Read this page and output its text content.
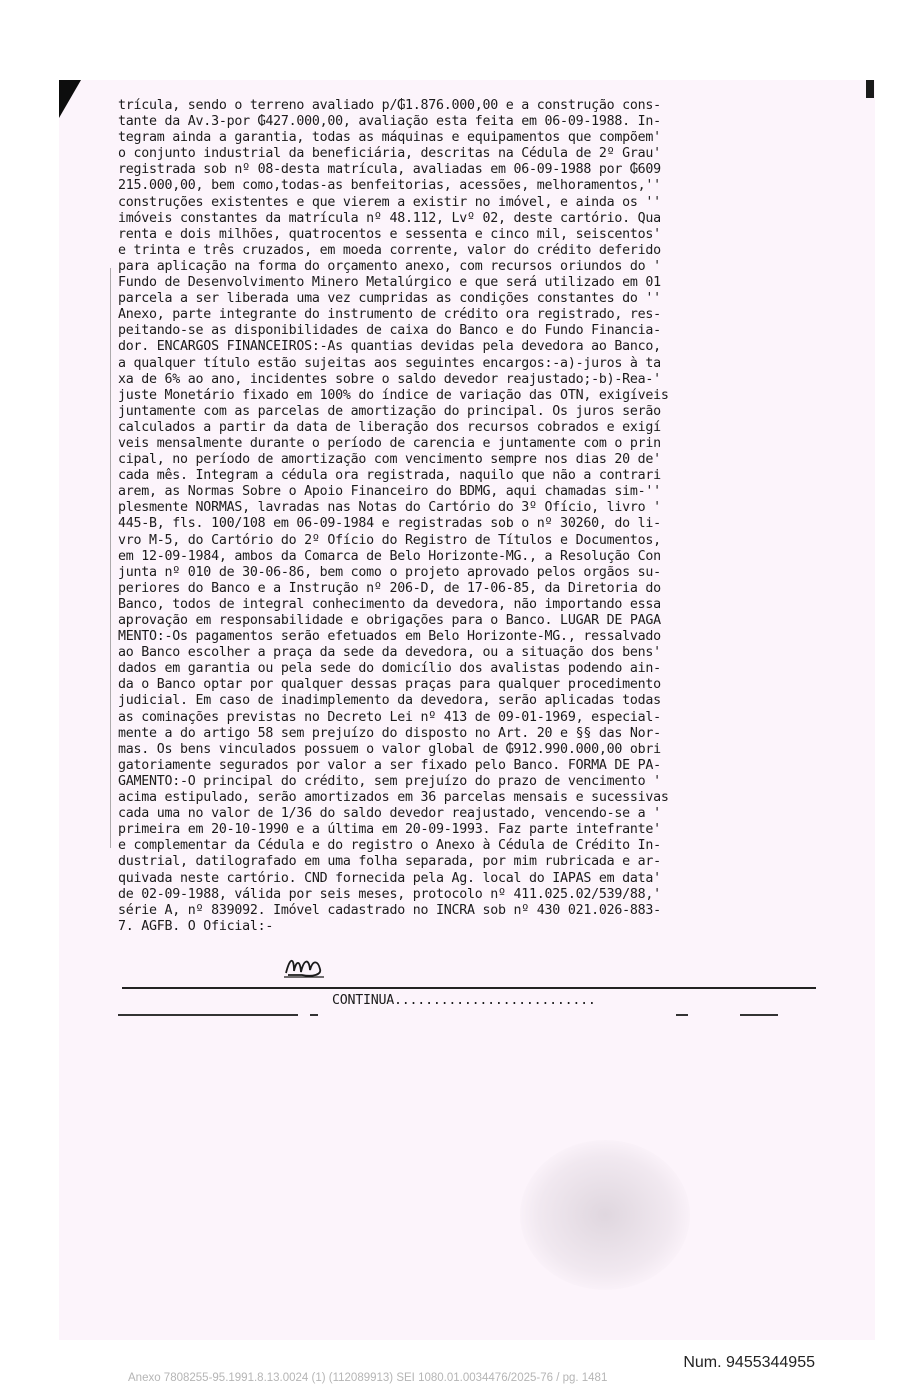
trícula, sendo o terreno avaliado p/₲1.876.000,00 e a construção cons-
tante da Av.3-por ₲427.000,00, avaliação esta feita em 06-09-1988. In-
tegram ainda a garantia, todas as máquinas e equipamentos que compõem'
o conjunto industrial da beneficiária, descritas na Cédula de 2º Grau'
registrada sob nº 08-desta matrícula, avaliadas em 06-09-1988 por ₲609
215.000,00, bem como,todas-as benfeitorias, acessões, melhoramentos,''
construções existentes e que vierem a existir no imóvel, e ainda os ''
imóveis constantes da matrícula nº 48.112, Lvº 02, deste cartório. Qua
renta e dois milhões, quatrocentos e sessenta e cinco mil, seiscentos'
e trinta e três cruzados, em moeda corrente, valor do crédito deferido
para aplicação na forma do orçamento anexo, com recursos oriundos do '
Fundo de Desenvolvimento Minero Metalúrgico e que será utilizado em 01
parcela a ser liberada uma vez cumpridas as condições constantes do ''
Anexo, parte integrante do instrumento de crédito ora registrado, res-
peitando-se as disponibilidades de caixa do Banco e do Fundo Financia-
dor. ENCARGOS FINANCEIROS:-As quantias devidas pela devedora ao Banco,
a qualquer título estão sujeitas aos seguintes encargos:-a)-juros à ta
xa de 6% ao ano, incidentes sobre o saldo devedor reajustado;-b)-Rea-'
juste Monetário fixado em 100% do índice de variação das OTN, exigíveis
juntamente com as parcelas de amortização do principal. Os juros serão
calculados a partir da data de liberação dos recursos cobrados e exigí
veis mensalmente durante o período de carencia e juntamente com o prin
cipal, no período de amortização com vencimento sempre nos dias 20 de'
cada mês. Integram a cédula ora registrada, naquilo que não a contrari
arem, as Normas Sobre o Apoio Financeiro do BDMG, aqui chamadas sim-''
plesmente NORMAS, lavradas nas Notas do Cartório do 3º Ofício, livro '
445-B, fls. 100/108 em 06-09-1984 e registradas sob o nº 30260, do li-
vro M-5, do Cartório do 2º Ofício do Registro de Títulos e Documentos,
em 12-09-1984, ambos da Comarca de Belo Horizonte-MG., a Resolução Con
junta nº 010 de 30-06-86, bem como o projeto aprovado pelos orgãos su-
periores do Banco e a Instrução nº 206-D, de 17-06-85, da Diretoria do
Banco, todos de integral conhecimento da devedora, não importando essa
aprovação em responsabilidade e obrigações para o Banco. LUGAR DE PAGA
MENTO:-Os pagamentos serão efetuados em Belo Horizonte-MG., ressalvado
ao Banco escolher a praça da sede da devedora, ou a situação dos bens'
dados em garantia ou pela sede do domicílio dos avalistas podendo ain-
da o Banco optar por qualquer dessas praças para qualquer procedimento
judicial. Em caso de inadimplemento da devedora, serão aplicadas todas
as cominações previstas no Decreto Lei nº 413 de 09-01-1969, especial-
mente a do artigo 58 sem prejuízo do disposto no Art. 20 e §§ das Nor-
mas. Os bens vinculados possuem o valor global de ₲912.990.000,00 obri
gatoriamente segurados por valor a ser fixado pelo Banco. FORMA DE PA-
GAMENTO:-O principal do crédito, sem prejuízo do prazo de vencimento '
acima estipulado, serão amortizados em 36 parcelas mensais e sucessivas
cada uma no valor de 1/36 do saldo devedor reajustado, vencendo-se a '
primeira em 20-10-1990 e a última em 20-09-1993. Faz parte intefrante'
e complementar da Cédula e do registro o Anexo à Cédula de Crédito In-
dustrial, datilografado em uma folha separada, por mim rubricada e ar-
quivada neste cartório. CND fornecida pela Ag. local do IAPAS em data'
de 02-09-1988, válida por seis meses, protocolo nº 411.025.02/539/88,'
série A, nº 839092. Imóvel cadastrado no INCRA sob nº 430 021.026-883-
7. AGFB. O Oficial:-

CONTINUA..........................

Num. 9455344955

Anexo 7808255-95.1991.8.13.0024 (1) (112089913) SEI 1080.01.0034476/2025-76 / pg. 1481
